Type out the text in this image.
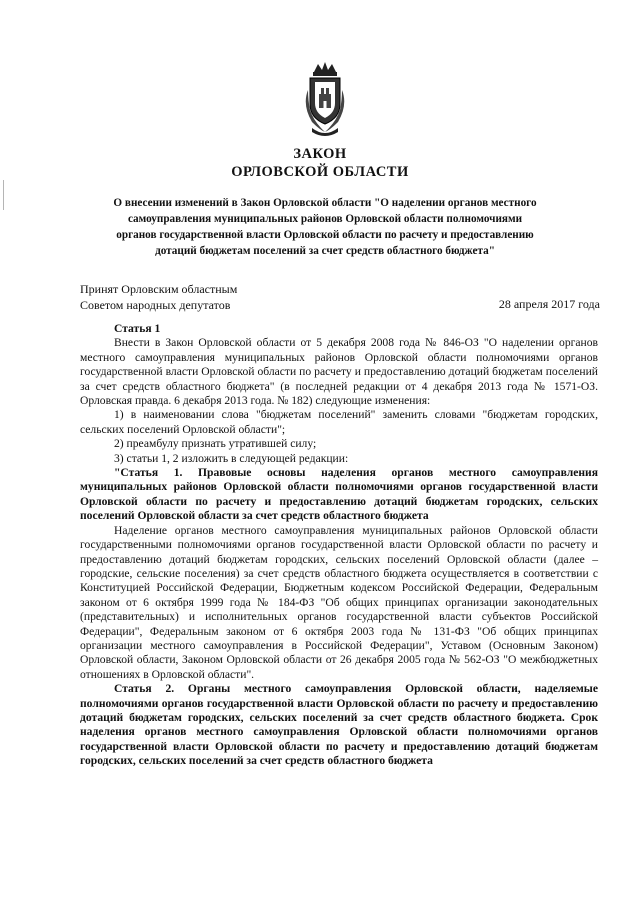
ЗАКОН
ОРЛОВСКОЙ ОБЛАСТИ
О внесении изменений в Закон Орловской области "О наделении органов местного самоуправления муниципальных районов Орловской области полномочиями органов государственной власти Орловской области по расчету и предоставлению дотаций бюджетам поселений за счет средств областного бюджета"
Принят Орловским областным
Советом народных депутатов	28 апреля 2017 года

Статья 1

Внести в Закон Орловской области от 5 декабря 2008 года № 846-ОЗ "О наделении органов местного самоуправления муниципальных районов Орловской области полномочиями органов государственной власти Орловской области по расчету и предоставлению дотаций бюджетам поселений за счет средств областного бюджета" (в последней редакции от 4 декабря 2013 года № 1571-ОЗ. Орловская правда. 6 декабря 2013 года. № 182) следующие изменения:

1) в наименовании слова "бюджетам поселений" заменить словами "бюджетам городских, сельских поселений Орловской области";

2) преамбулу признать утратившей силу;

3) статьи 1, 2 изложить в следующей редакции:

"Статья 1. Правовые основы наделения органов местного самоуправления муниципальных районов Орловской области полномочиями органов государственной власти Орловской области по расчету и предоставлению дотаций бюджетам городских, сельских поселений Орловской области за счет средств областного бюджета

Наделение органов местного самоуправления муниципальных районов Орловской области государственными полномочиями органов государственной власти Орловской области по расчету и предоставлению дотаций бюджетам городских, сельских поселений Орловской области (далее – городские, сельские поселения) за счет средств областного бюджета осуществляется в соответствии с Конституцией Российской Федерации, Бюджетным кодексом Российской Федерации, Федеральным законом от 6 октября 1999 года № 184-ФЗ "Об общих принципах организации законодательных (представительных) и исполнительных органов государственной власти субъектов Российской Федерации", Федеральным законом от 6 октября 2003 года № 131-ФЗ "Об общих принципах организации местного самоуправления в Российской Федерации", Уставом (Основным Законом) Орловской области, Законом Орловской области от 26 декабря 2005 года № 562-ОЗ "О межбюджетных отношениях в Орловской области".

Статья 2. Органы местного самоуправления Орловской области, наделяемые полномочиями органов государственной власти Орловской области по расчету и предоставлению дотаций бюджетам городских, сельских поселений за счет средств областного бюджета. Срок наделения органов местного самоуправления Орловской области полномочиями органов государственной власти Орловской области по расчету и предоставлению дотаций бюджетам городских, сельских поселений за счет средств областного бюджета
